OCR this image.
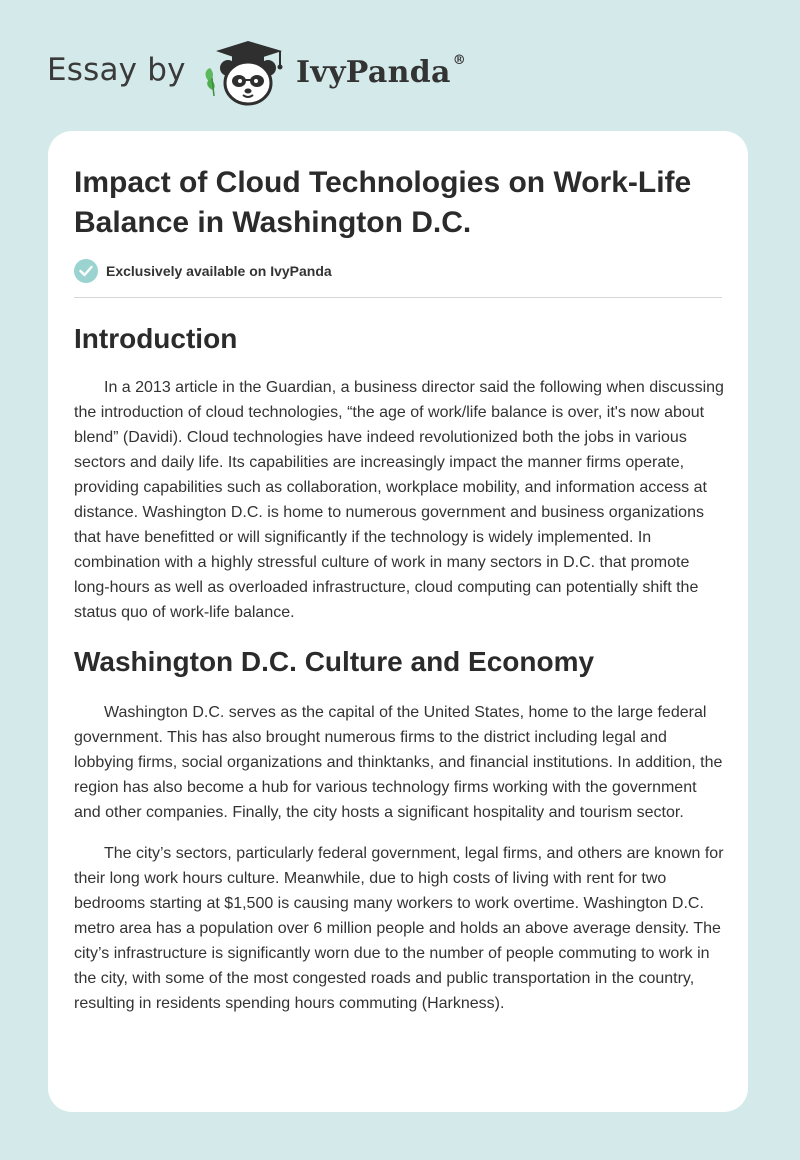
Essay by	IvyPanda ®
Impact of Cloud Technologies on Work-Life Balance in Washington D.C.
Exclusively available on IvyPanda
Introduction

In a 2013 article in the Guardian, a business director said the following when discussing the introduction of cloud technologies, “the age of work/life balance is over, it's now about blend” (Davidi). Cloud technologies have indeed revolutionized both the jobs in various sectors and daily life. Its capabilities are increasingly impact the manner firms operate, providing capabilities such as collaboration, workplace mobility, and information access at distance. Washington D.C. is home to numerous government and business organizations that have benefitted or will significantly if the technology is widely implemented. In combination with a highly stressful culture of work in many sectors in D.C. that promote long-hours as well as overloaded infrastructure, cloud computing can potentially shift the status quo of work-life balance.

Washington D.C. Culture and Economy

Washington D.C. serves as the capital of the United States, home to the large federal government. This has also brought numerous firms to the district including legal and lobbying firms, social organizations and thinktanks, and financial institutions. In addition, the region has also become a hub for various technology firms working with the government and other companies. Finally, the city hosts a significant hospitality and tourism sector.

The city’s sectors, particularly federal government, legal firms, and others are known for their long work hours culture. Meanwhile, due to high costs of living with rent for two bedrooms starting at $1,500 is causing many workers to work overtime. Washington D.C. metro area has a population over 6 million people and holds an above average density. The city’s infrastructure is significantly worn due to the number of people commuting to work in the city, with some of the most congested roads and public transportation in the country, resulting in residents spending hours commuting (Harkness).
